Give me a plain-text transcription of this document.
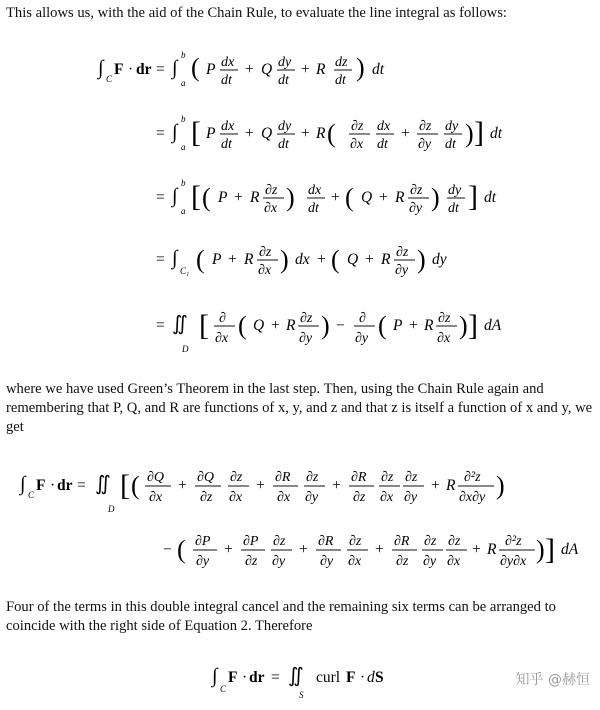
This allows us, with the aid of the Chain Rule, to evaluate the line integral as follows:

∫ C
F · dr = ∫
b
a
( P dx
dt
+ Q dy
dt
+ R dz
dt ) dt
= ∫
b
a [ P dx
dt
+ Q dy
dt
+ R ( ∂z
∂x
dx
dt
+ ∂z
∂y
dy
dt ) ] dt
= ∫
b
a [ ( P + R ∂z
∂x ) dx
dt
+ ( Q + R ∂z
∂y ) dy
dt ] dt
= ∫
C₁ ( P + R ∂z
∂x ) dx + ( Q + R ∂z
∂y ) dy
= ∬
D
[ ∂
∂x ( Q + R ∂z
∂y ) − ∂
∂y ( P + R ∂z
∂x ) ] dA

where we have used Green’s Theorem in the last step. Then, using the Chain Rule again and remembering that P, Q, and R are functions of x, y, and z and that z is itself a function of x and y, we get

∫ C
F · dr = ∬
D
[ ( ∂Q
∂x
+ ∂Q
∂z
∂z
∂x
+ ∂R
∂x
∂z
∂y
+ ∂R
∂z
∂z
∂x
∂z
∂y
+ R ∂²z
∂x∂y )
− ( ∂P
∂y
+ ∂P
∂z
∂z
∂y
+ ∂R
∂y
∂z
∂x
+ ∂R
∂z
∂z
∂y
∂z
∂x
+ R ∂²z
∂y∂x ) ] dA

Four of the terms in this double integral cancel and the remaining six terms can be arranged to coincide with the right side of Equation 2. Therefore

∫
C
F · dr = ∬
S
curl F · d S	知乎 @赫恒
